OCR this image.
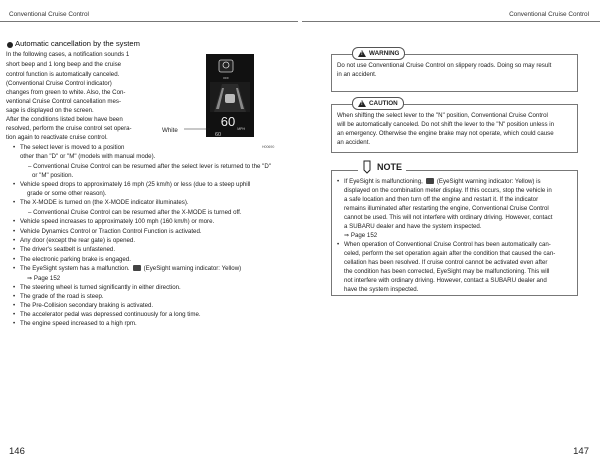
Conventional Cruise Control	Conventional Cruise Control
Automatic cancellation by the system
In the following cases, a notification sounds 1
short beep and 1 long beep and the cruise
control function is automatically canceled.
(Conventional Cruise Control indicator)
changes from green to white. Also, the Con-
ventional Cruise Control cancellation mes-
sage is displayed on the screen.
After the conditions listed below have been
resolved, perform the cruise control set opera-
tion again to reactivate cruise control.
OFF
60 MPH
60
White
H00690
• The select lever is moved to a position
other than "D" or "M" (models with manual mode).
– Conventional Cruise Control can be resumed after the select lever is returned to the "D"
or "M" position.
• Vehicle speed drops to approximately 16 mph (25 km/h) or less (due to a steep uphill
grade or some other reason).
• The X-MODE is turned on (the X-MODE indicator illuminates).
– Conventional Cruise Control can be resumed after the X-MODE is turned off.
• Vehicle speed increases to approximately 100 mph (160 km/h) or more.
• Vehicle Dynamics Control or Traction Control Function is activated.
• Any door (except the rear gate) is opened.
• The driver's seatbelt is unfastened.
• The electronic parking brake is engaged.
• The EyeSight system has a malfunction. (EyeSight warning indicator: Yellow)
⇒ Page 152
• The steering wheel is turned significantly in either direction.
• The grade of the road is steep.
• The Pre-Collision secondary braking is activated.
• The accelerator pedal was depressed continuously for a long time.
• The engine speed increased to a high rpm.
146
!
WARNING
Do not use Conventional Cruise Control on slippery roads. Doing so may result
in an accident.
!
CAUTION
When shifting the select lever to the "N" position, Conventional Cruise Control
will be automatically canceled. Do not shift the lever to the "N" position unless in
an emergency. Otherwise the engine brake may not operate, which could cause
an accident.
NOTE
• If EyeSight is malfunctioning, (EyeSight warning indicator: Yellow) is
displayed on the combination meter display. If this occurs, stop the vehicle in
a safe location and then turn off the engine and restart it. If the indicator
remains illuminated after restarting the engine, Conventional Cruise Control
cannot be used. This will not interfere with ordinary driving. However, contact
a SUBARU dealer and have the system inspected.
⇒ Page 152
• When operation of Conventional Cruise Control has been automatically can-
celed, perform the set operation again after the condition that caused the can-
cellation has been resolved. If cruise control cannot be activated even after
the condition has been corrected, EyeSight may be malfunctioning. This will
not interfere with ordinary driving. However, contact a SUBARU dealer and
have the system inspected.
147
